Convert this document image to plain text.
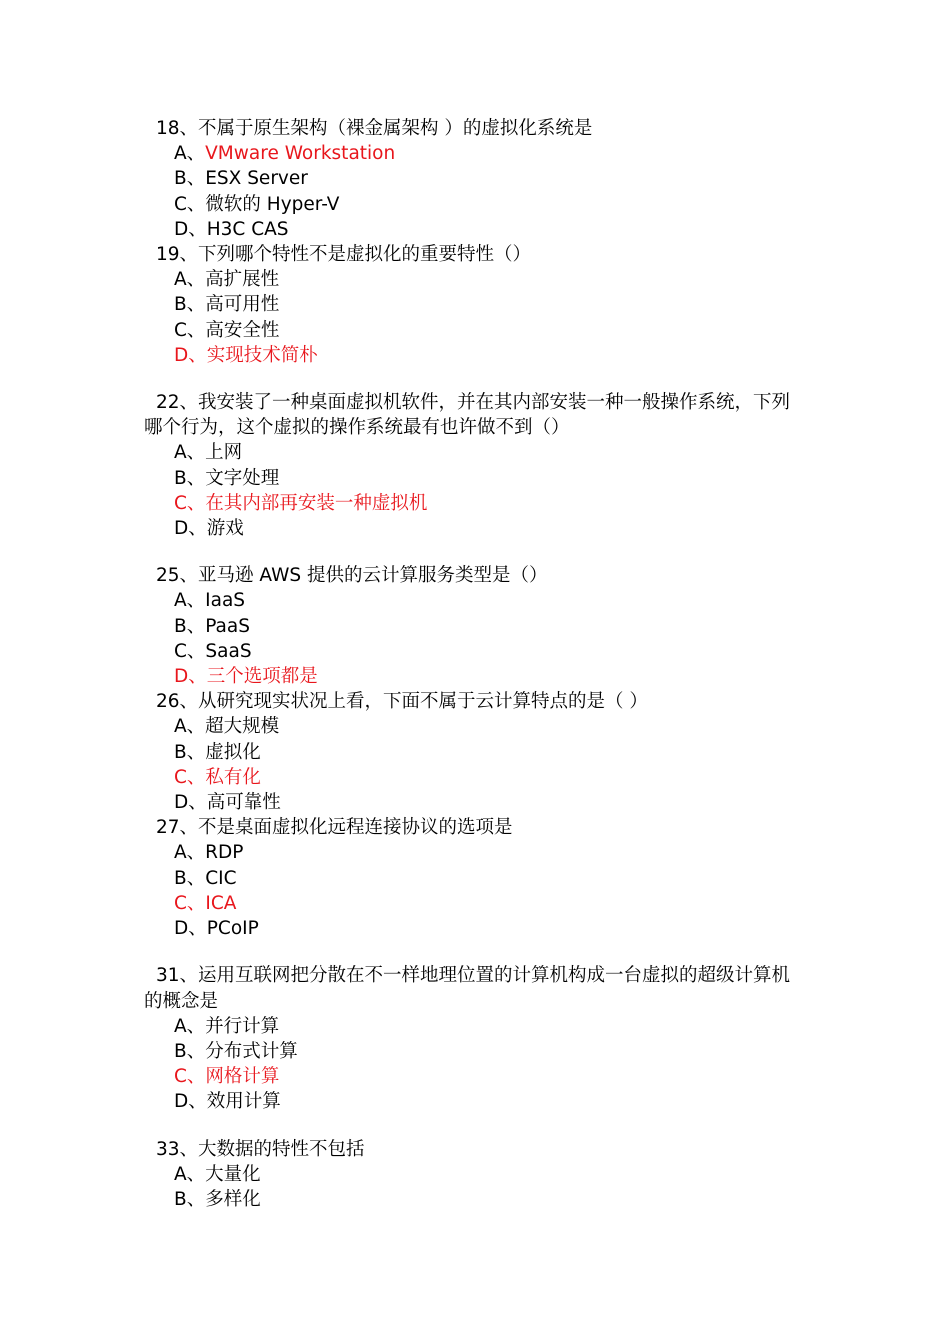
18、不属于原生架构（裸金属架构 ）的虚拟化系统是
A、VMware Workstation
B、ESX Server
C、微软的 Hyper-V
D、H3C CAS
19、下列哪个特性不是虚拟化的重要特性（）
A、高扩展性
B、高可用性
C、高安全性
D、实现技术简朴
22、我安装了一种桌面虚拟机软件，并在其内部安装一种一般操作系统，下列哪个行为，这个虚拟的操作系统最有也许做不到（）
A、上网
B、文字处理
C、在其内部再安装一种虚拟机
D、游戏
25、亚马逊 AWS 提供的云计算服务类型是（）
A、IaaS
B、PaaS
C、SaaS
D、三个选项都是
26、从研究现实状况上看，下面不属于云计算特点的是（ ）
A、超大规模
B、虚拟化
C、私有化
D、高可靠性
27、不是桌面虚拟化远程连接协议的选项是
A、RDP
B、CIC
C、ICA
D、PCoIP
31、运用互联网把分散在不一样地理位置的计算机构成一台虚拟的超级计算机的概念是
A、并行计算
B、分布式计算
C、网格计算
D、效用计算
33、大数据的特性不包括
A、大量化
B、多样化
